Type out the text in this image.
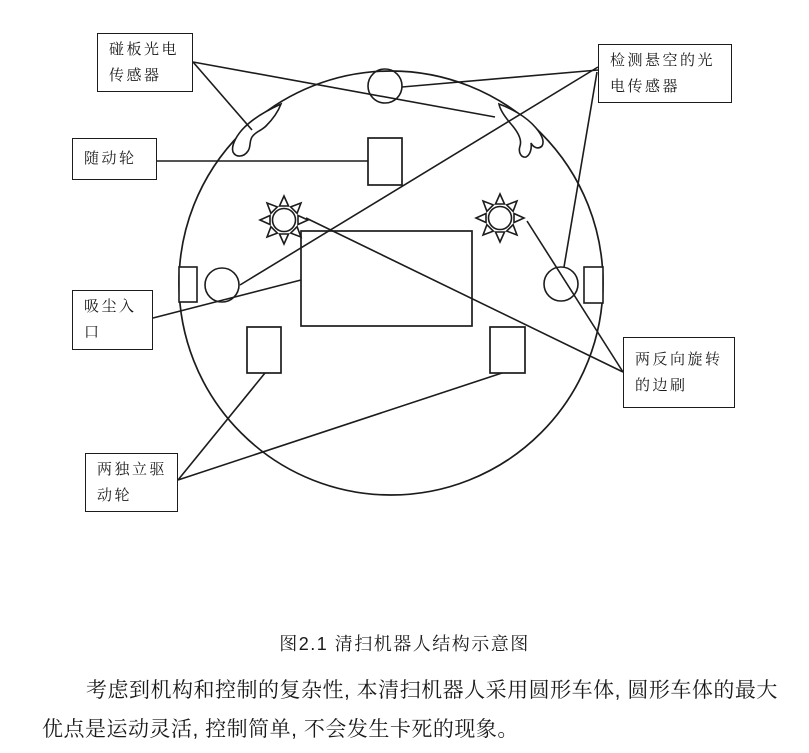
碰板光电
传感器
检测悬空的光
电传感器
随动轮
吸尘入
口
两反向旋转
的边刷
两独立驱
动轮
图2.1 清扫机器人结构示意图
考虑到机构和控制的复杂性, 本清扫机器人采用圆形车体, 圆形车体的最大
优点是运动灵活, 控制简单, 不会发生卡死的现象。
